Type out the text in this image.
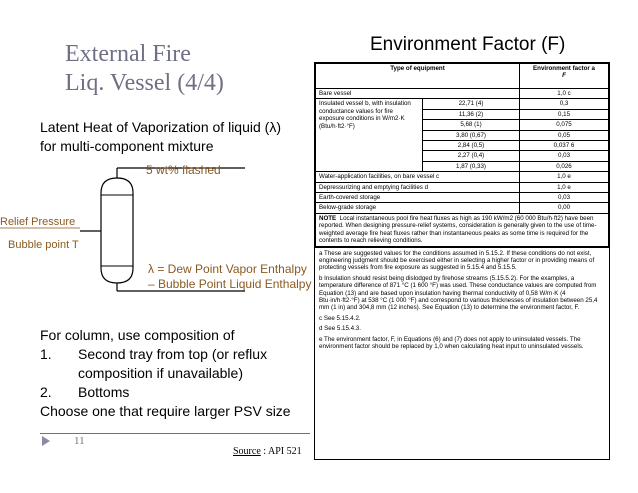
External Fire
Liq. Vessel (4/4)
Environment Factor (F)
Latent Heat of Vaporization of liquid (λ)
for multi-component mixture
Relief Pressure
Bubble point T
5 wt% flashed
λ = Dew Point Vapor Enthalpy
– Bubble Point Liquid Enthalpy
For column, use composition of
1. Second tray from top (or reflux
composition if unavailable)
2. Bottoms
Choose one that require larger PSV size
11
Source : API 521
Type of equipment		Environment factor a
F

Bare vessel		1,0 c
Insulated vessel b, with insulation conductance values for fire exposure conditions in W/m2·K (Btu/h·ft2·°F)	22,71 (4)	0,3
	11,36 (2)	0,15
	5,68 (1)	0,075
	3,80 (0,67)	0,05
	2,84 (0,5)	0,037 6
	2,27 (0,4)	0,03
	1,87 (0,33)	0,026
Water-application facilities, on bare vessel c		1,0 e
Depressurizing and emptying facilities d		1,0 e
Earth-covered storage		0,03
Below-grade storage		0,00
NOTE Local instantaneous pool fire heat fluxes as high as 190 kW/m2 (60 000 Btu/h·ft2) have been reported. When designing pressure-relief systems, consideration is generally given to the use of time-weighted average fire heat fluxes rather than instantaneous peaks as some time is required for the contents to reach relieving conditions.		

a These are suggested values for the conditions assumed in 5.15.2. If these conditions do not exist, engineering judgment should be exercised either in selecting a higher factor or in providing means of protecting vessels from fire exposure as suggested in 5.15.4 and 5.15.5.

b Insulation should resist being dislodged by firehose streams (5.15.5.2). For the examples, a temperature difference of 871 °C (1 600 °F) was used. These conductance values are computed from Equation (13) and are based upon insulation having thermal conductivity of 0,58 W/m·K (4 Btu·in/h·ft2·°F) at 538 °C (1 000 °F) and correspond to various thicknesses of insulation between 25,4 mm (1 in) and 304,8 mm (12 inches). See Equation (13) to determine the environment factor, F.

c See 5.15.4.2.

d See 5.15.4.3.

e The environment factor, F, in Equations (6) and (7) does not apply to uninsulated vessels. The environment factor should be replaced by 1,0 when calculating heat input to uninsulated vessels.
